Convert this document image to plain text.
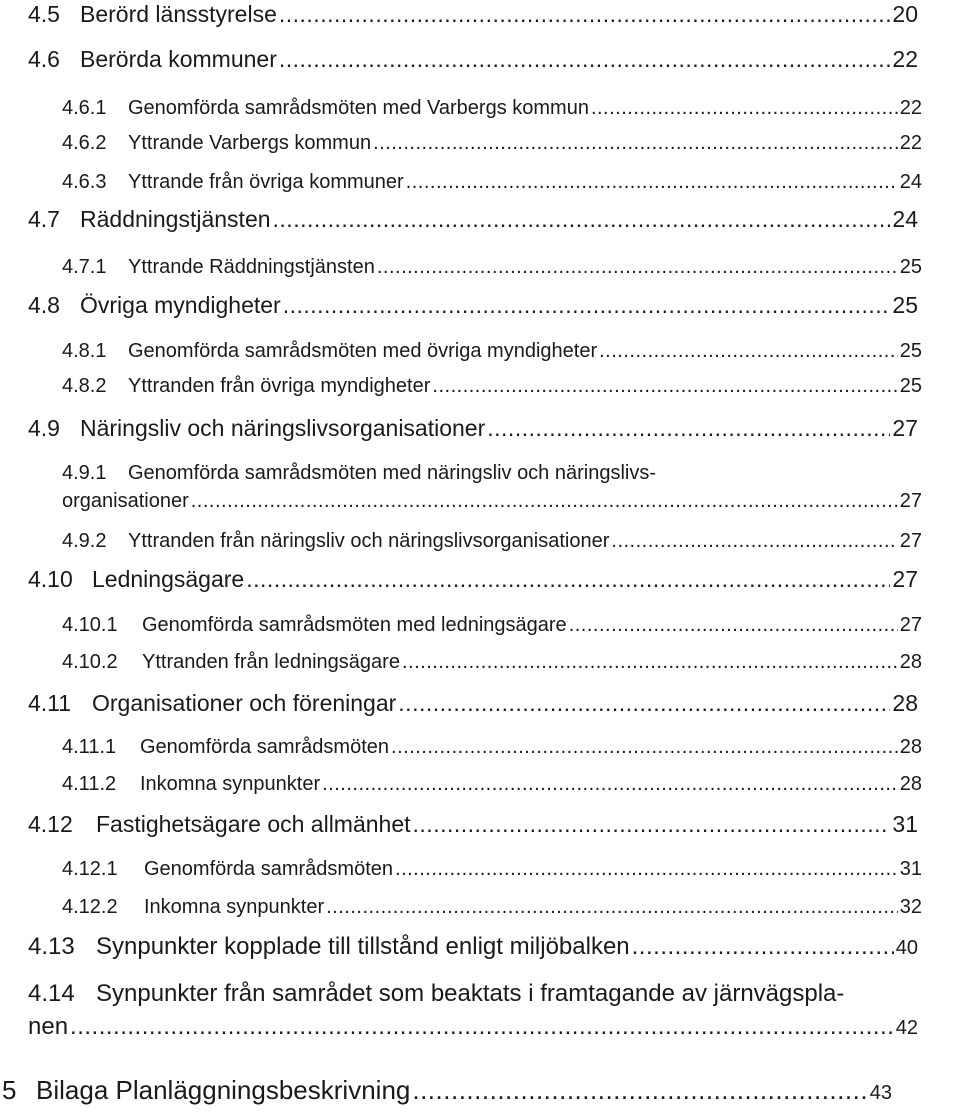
4.5 Berörd länsstyrelse .....	20
4.6 Berörda kommuner .....	22
4.6.1	Genomförda samrådsmöten med Varbergs kommun .....	22
4.6.2	Yttrande Varbergs kommun .....	22
4.6.3	Yttrande från övriga kommuner .....	24
4.7 Räddningstjänsten .....	24
4.7.1	Yttrande Räddningstjänsten .....	25
4.8 Övriga myndigheter .....	25
4.8.1	Genomförda samrådsmöten med övriga myndigheter .....	25
4.8.2	Yttranden från övriga myndigheter .....	25
4.9 Näringsliv och näringslivsorganisationer .....	27
4.9.1 Genomförda samrådsmöten med näringsliv och näringslivs-
organisationer .....	27
4.9.2	Yttranden från näringsliv och näringslivsorganisationer .....	27
4.10 Ledningsägare .....	27
4.10.1	Genomförda samrådsmöten med ledningsägare .....	27
4.10.2	Yttranden från ledningsägare .....	28
4.11 Organisationer och föreningar .....	28
4.11.1	Genomförda samrådsmöten .....	28
4.11.2	Inkomna synpunkter .....	28
4.12	Fastighetsägare och allmänhet .....	31
4.12.1	Genomförda samrådsmöten .....	31
4.12.2	Inkomna synpunkter .....	32
4.13 Synpunkter kopplade till tillstånd enligt miljöbalken .....	40
4.14 Synpunkter från samrådet som beaktats i framtagande av järnvägspla-
nen .....	42
5 Bilaga Planläggningsbeskrivning .....	43
